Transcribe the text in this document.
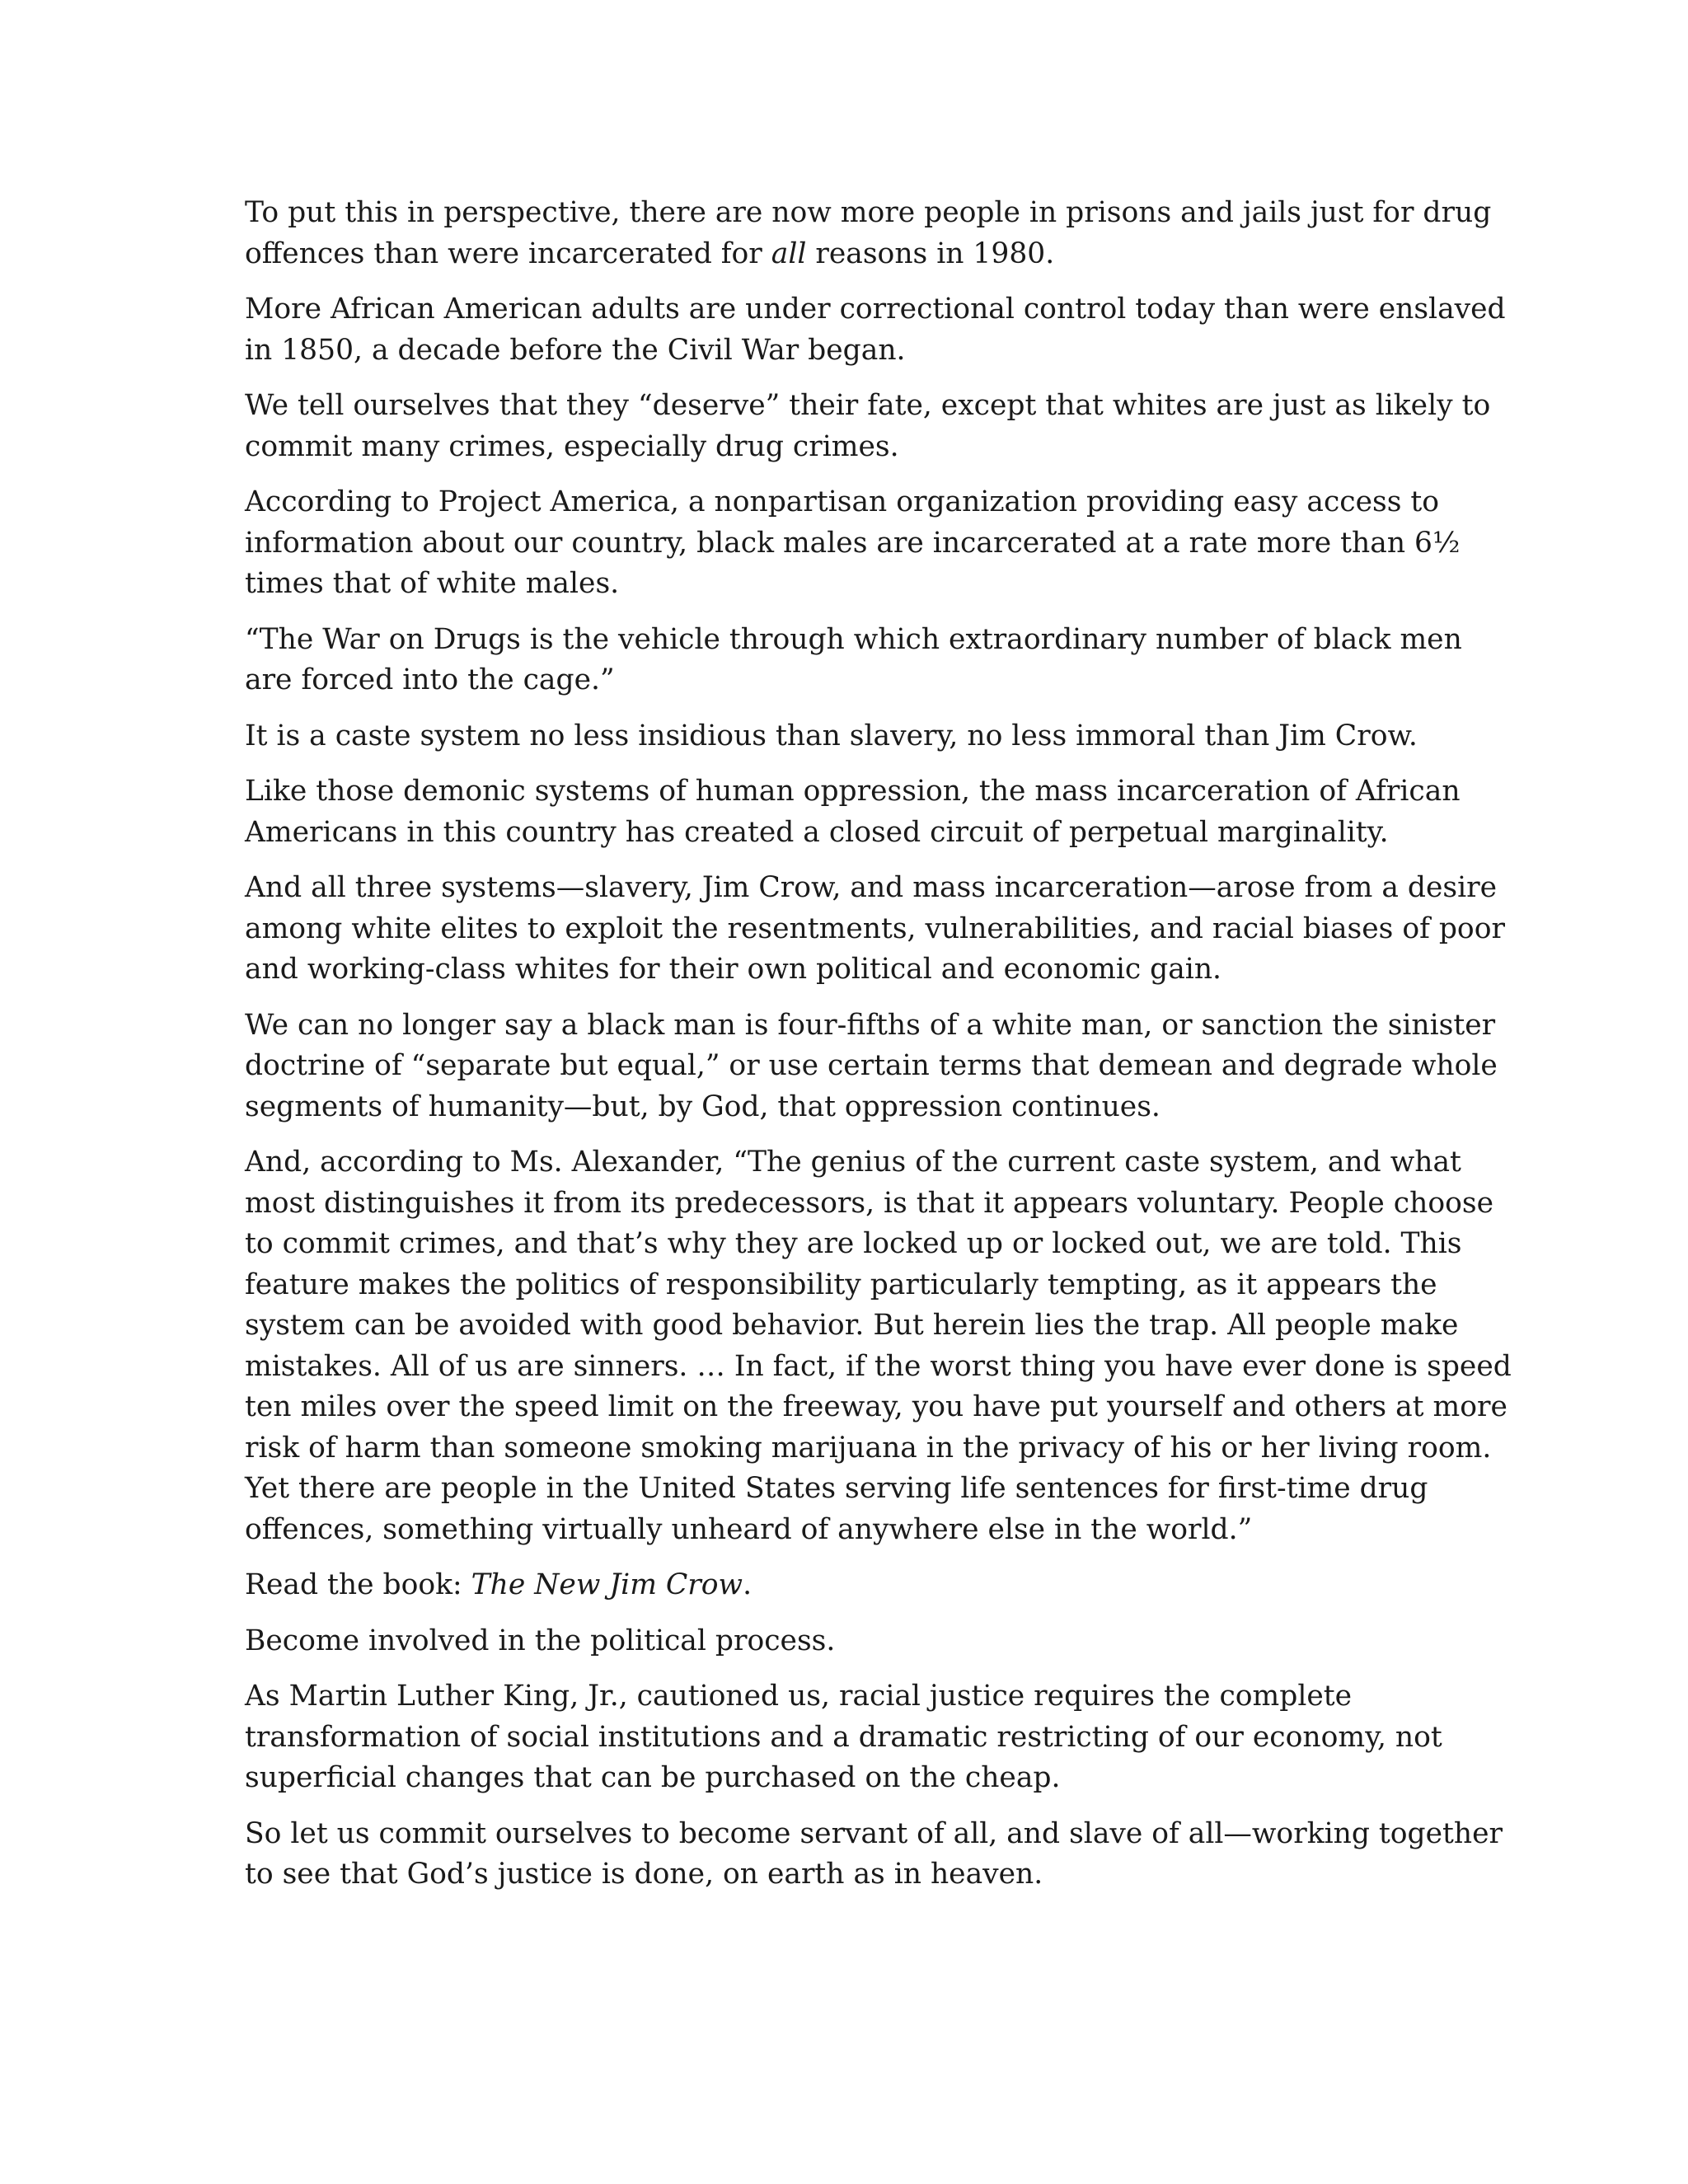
To put this in perspective, there are now more people in prisons and jails just for drug offences than were incarcerated for all reasons in 1980.

More African American adults are under correctional control today than were enslaved in 1850, a decade before the Civil War began.

We tell ourselves that they “deserve” their fate, except that whites are just as likely to commit many crimes, especially drug crimes.

According to Project America, a nonpartisan organization providing easy access to information about our country, black males are incarcerated at a rate more than 6½ times that of white males.

“The War on Drugs is the vehicle through which extraordinary number of black men are forced into the cage.”

It is a caste system no less insidious than slavery, no less immoral than Jim Crow.

Like those demonic systems of human oppression, the mass incarceration of African Americans in this country has created a closed circuit of perpetual marginality.

And all three systems—slavery, Jim Crow, and mass incarceration—arose from a desire among white elites to exploit the resentments, vulnerabilities, and racial biases of poor and working-class whites for their own political and economic gain.

We can no longer say a black man is four-fifths of a white man, or sanction the sinister doctrine of “separate but equal,” or use certain terms that demean and degrade whole segments of humanity—but, by God, that oppression continues.

And, according to Ms. Alexander, “The genius of the current caste system, and what most distinguishes it from its predecessors, is that it appears voluntary. People choose to commit crimes, and that’s why they are locked up or locked out, we are told. This feature makes the politics of responsibility particularly tempting, as it appears the system can be avoided with good behavior. But herein lies the trap. All people make mistakes. All of us are sinners. … In fact, if the worst thing you have ever done is speed ten miles over the speed limit on the freeway, you have put yourself and others at more risk of harm than someone smoking marijuana in the privacy of his or her living room. Yet there are people in the United States serving life sentences for first-time drug offences, something virtually unheard of anywhere else in the world.”

Read the book: The New Jim Crow.

Become involved in the political process.

As Martin Luther King, Jr., cautioned us, racial justice requires the complete transformation of social institutions and a dramatic restricting of our economy, not superficial changes that can be purchased on the cheap.

So let us commit ourselves to become servant of all, and slave of all—working together to see that God’s justice is done, on earth as in heaven.
